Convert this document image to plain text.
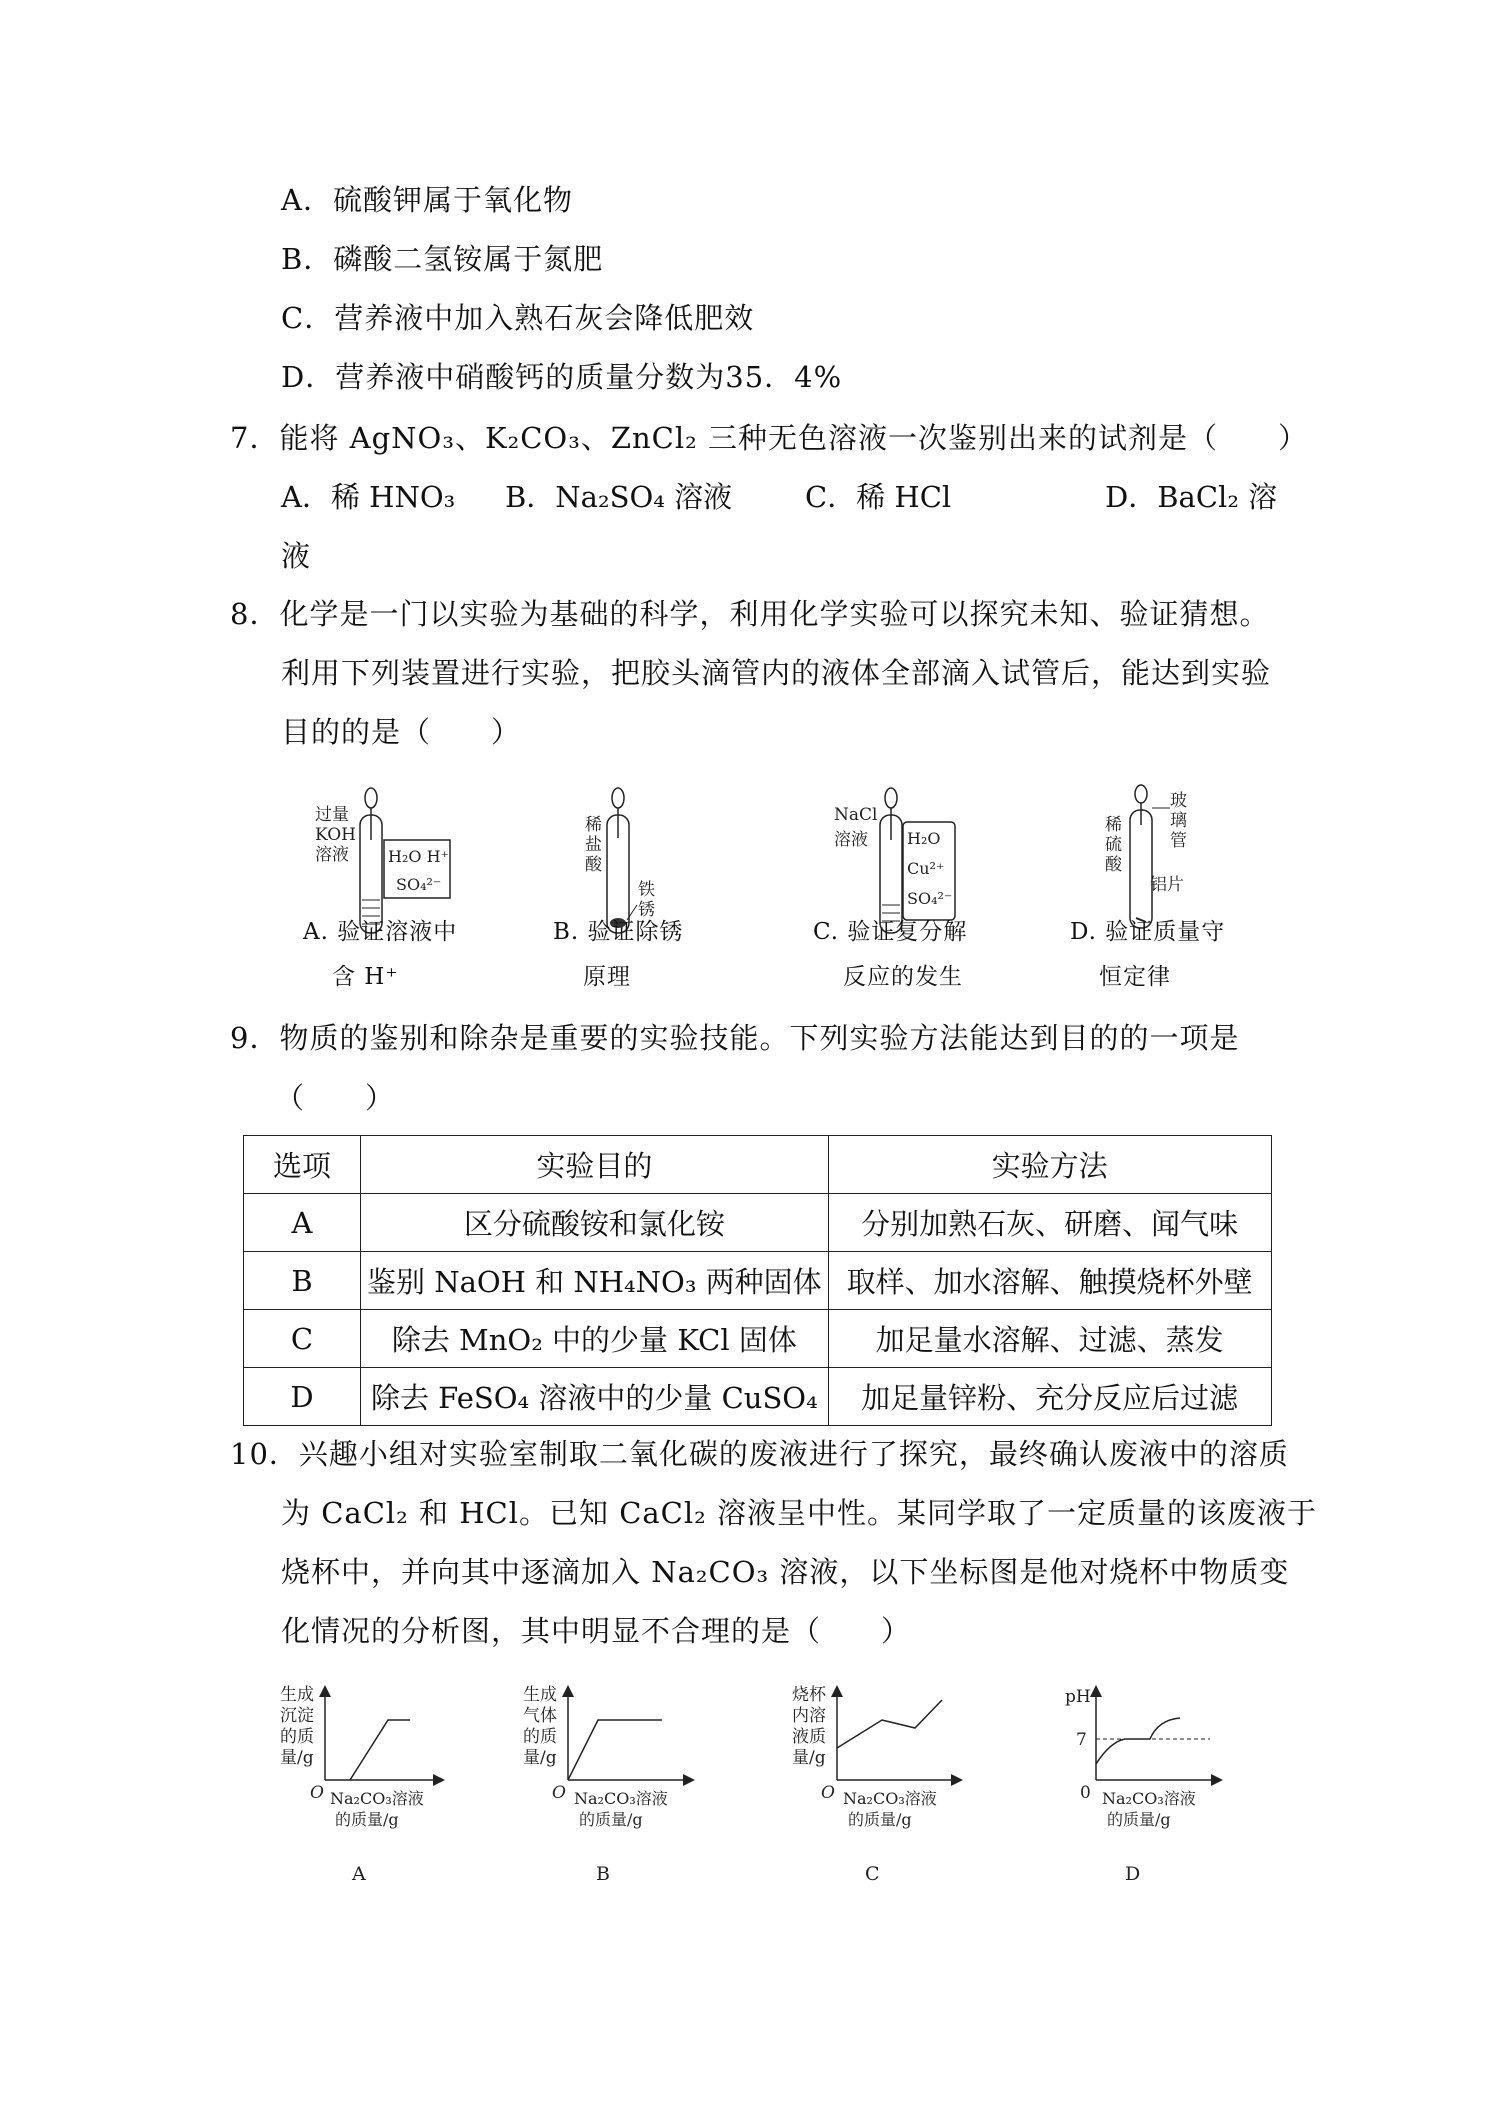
A．硫酸钾属于氧化物
B．磷酸二氢铵属于氮肥
C．营养液中加入熟石灰会降低肥效
D．营养液中硝酸钙的质量分数为35．4%
7．能将 AgNO₃、K₂CO₃、ZnCl₂ 三种无色溶液一次鉴别出来的试剂是（　　）
A．稀 HNO₃ B．Na₂SO₄ 溶液	C．稀 HCl	D．BaCl₂ 溶
液
8．化学是一门以实验为基础的科学，利用化学实验可以探究未知、验证猜想。
利用下列装置进行实验，把胶头滴管内的液体全部滴入试管后，能达到实验
目的的是（　　）
过量
KOH
溶液 H₂O H⁺
SO₄²⁻
稀
盐
酸
铁
锈
NaCl
溶液 H₂O
Cu²⁺
SO₄²⁻
稀
硫
酸
玻
璃
管
铝片
A. 验证溶液中
含 H⁺
B. 验证除锈
原理
C. 验证复分解
反应的发生
D. 验证质量守
恒定律
9．物质的鉴别和除杂是重要的实验技能。下列实验方法能达到目的的一项是
（　　）
选项	实验目的	实验方法
A	区分硫酸铵和氯化铵	分别加熟石灰、研磨、闻气味
B	鉴别 NaOH 和 NH₄NO₃ 两种固体	取样、加水溶解、触摸烧杯外壁
C	除去 MnO₂ 中的少量 KCl 固体	加足量水溶解、过滤、蒸发
D	除去 FeSO₄ 溶液中的少量 CuSO₄	加足量锌粉、充分反应后过滤
10．兴趣小组对实验室制取二氧化碳的废液进行了探究，最终确认废液中的溶质
为 CaCl₂ 和 HCl。已知 CaCl₂ 溶液呈中性。某同学取了一定质量的该废液于
烧杯中，并向其中逐滴加入 Na₂CO₃ 溶液，以下坐标图是他对烧杯中物质变
化情况的分析图，其中明显不合理的是（　　）
生成
沉淀
的质
量/g
O Na₂CO₃溶液
的质量/g
A
生成
气体
的质
量/g
O Na₂CO₃溶液
的质量/g
B
烧杯
内溶
液质
量/g
O Na₂CO₃溶液
的质量/g
C
pH
7
0 Na₂CO₃溶液
的质量/g
D
